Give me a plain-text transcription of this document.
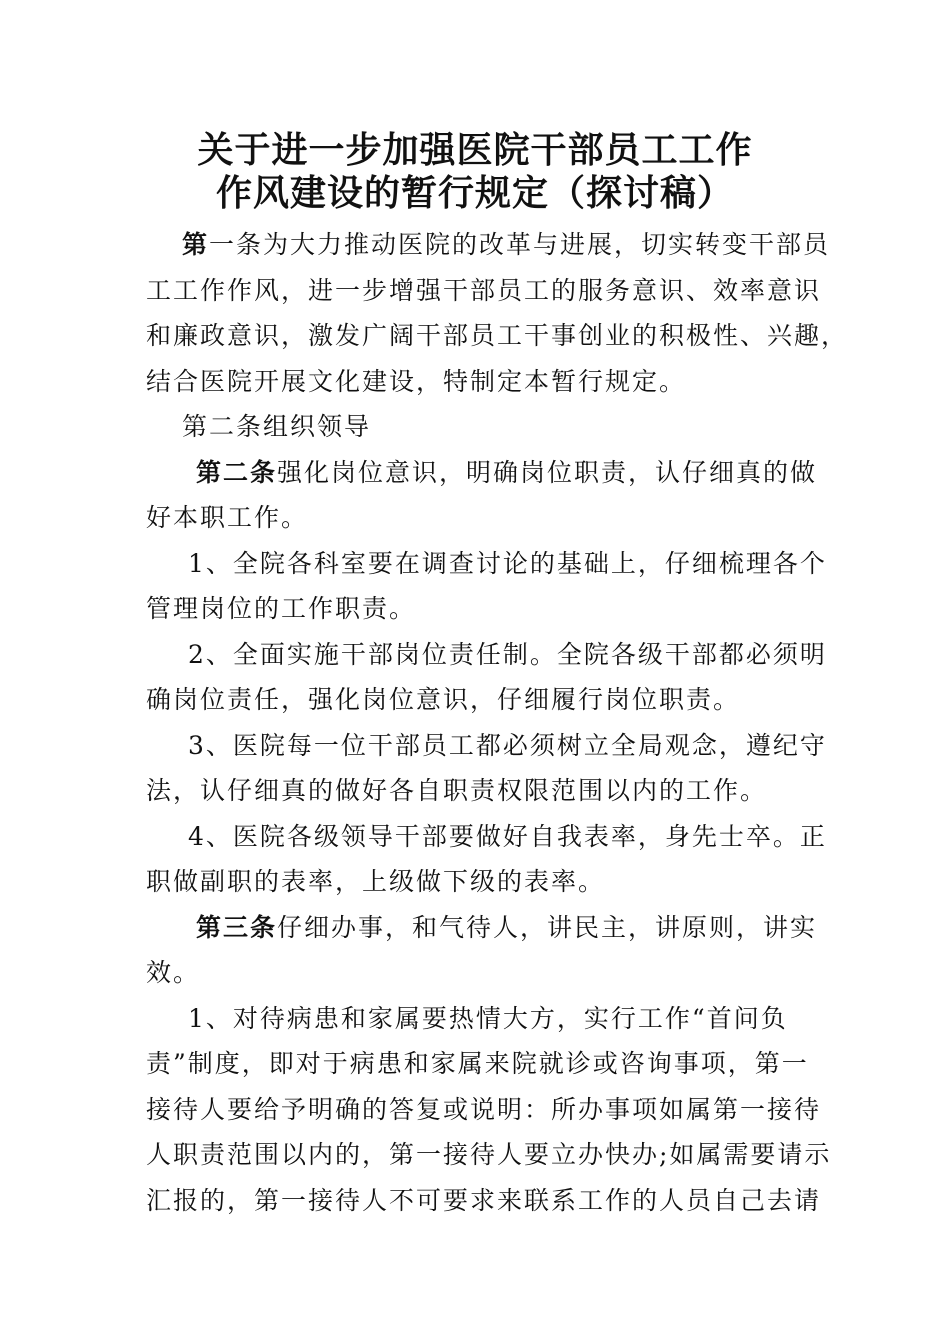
关于进一步加强医院干部员工工作
作风建设的暂行规定（探讨稿）
第一条为大力推动医院的改革与进展，切实转变干部员
工工作作风，进一步增强干部员工的服务意识、效率意识
和廉政意识，激发广阔干部员工干事创业的积极性、兴趣，
结合医院开展文化建设，特制定本暂行规定。
第二条组织领导
第二条强化岗位意识，明确岗位职责，认仔细真的做
好本职工作。
1、全院各科室要在调查讨论的基础上，仔细梳理各个
管理岗位的工作职责。
2、全面实施干部岗位责任制。全院各级干部都必须明
确岗位责任，强化岗位意识，仔细履行岗位职责。
3、医院每一位干部员工都必须树立全局观念，遵纪守
法，认仔细真的做好各自职责权限范围以内的工作。
4、医院各级领导干部要做好自我表率，身先士卒。正
职做副职的表率，上级做下级的表率。
第三条仔细办事，和气待人，讲民主，讲原则，讲实
效。
1、对待病患和家属要热情大方，实行工作“首问负
责”制度，即对于病患和家属来院就诊或咨询事项，第一
接待人要给予明确的答复或说明：所办事项如属第一接待
人职责范围以内的，第一接待人要立办快办;如属需要请示
汇报的，第一接待人不可要求来联系工作的人员自己去请
